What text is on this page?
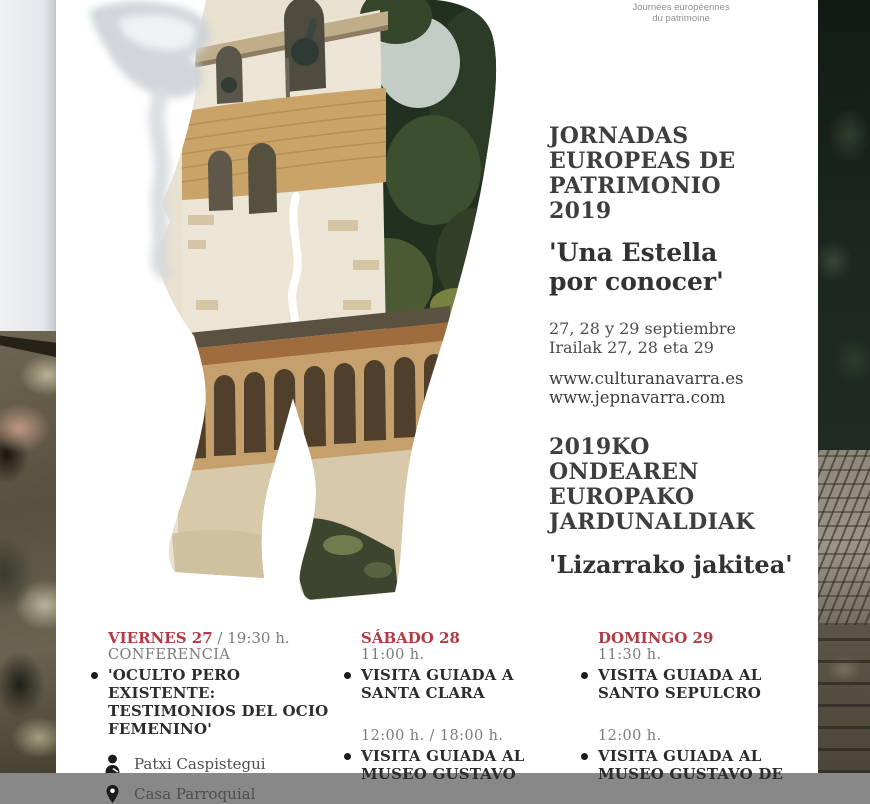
Journées européennes
du patrimoine
JORNADAS
EUROPEAS DE
PATRIMONIO
2019
'Una Estella
por conocer'
27, 28 y 29 septiembre
Irailak 27, 28 eta 29
www.culturanavarra.es
www.jepnavarra.com
2019KO
ONDEAREN
EUROPAKO
JARDUNALDIAK
'Lizarrako jakitea'
VIERNES 27 / 19:30 h.
CONFERENCIA
'OCULTO PERO EXISTENTE:
TESTIMONIOS DEL OCIO
FEMENINO'
Patxi Caspistegui
Casa Parroquial
SÁBADO 28
11:00 h.
VISITA GUIADA A
SANTA CLARA
12:00 h. / 18:00 h.
VISITA GUIADA AL
MUSEO GUSTAVO
DOMINGO 29
11:30 h.
VISITA GUIADA AL
SANTO SEPULCRO
12:00 h.
VISITA GUIADA AL
MUSEO GUSTAVO DE
